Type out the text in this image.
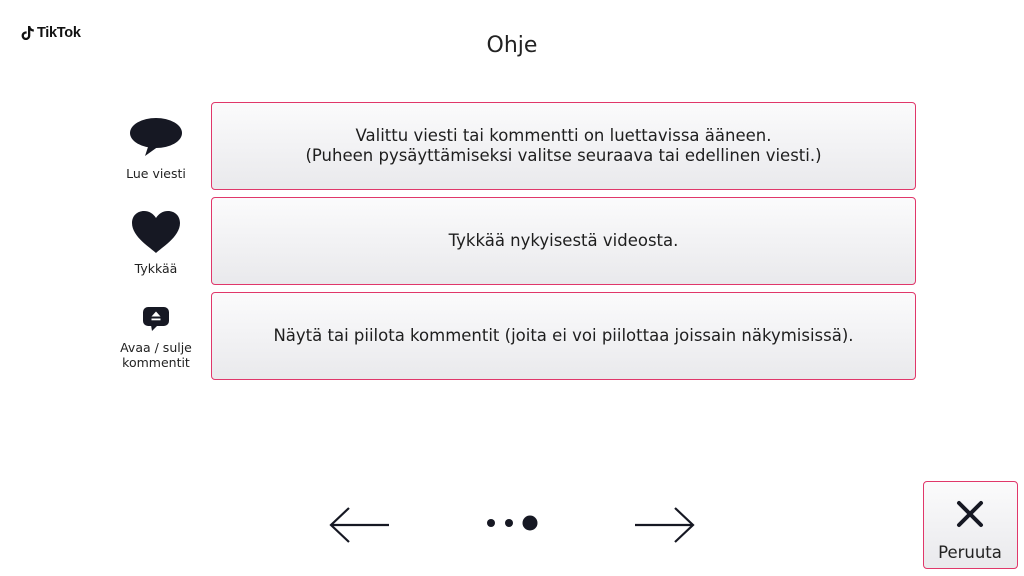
TikTok	Ohje
Lue viesti
Valittu viesti tai kommentti on luettavissa ääneen.
(Puheen pysäyttämiseksi valitse seuraava tai edellinen viesti.)
Tykkää
Tykkää nykyisestä videosta.
Avaa / sulje
kommentit
Näytä tai piilota kommentit (joita ei voi piilottaa joissain näkymisissä).
Peruuta
